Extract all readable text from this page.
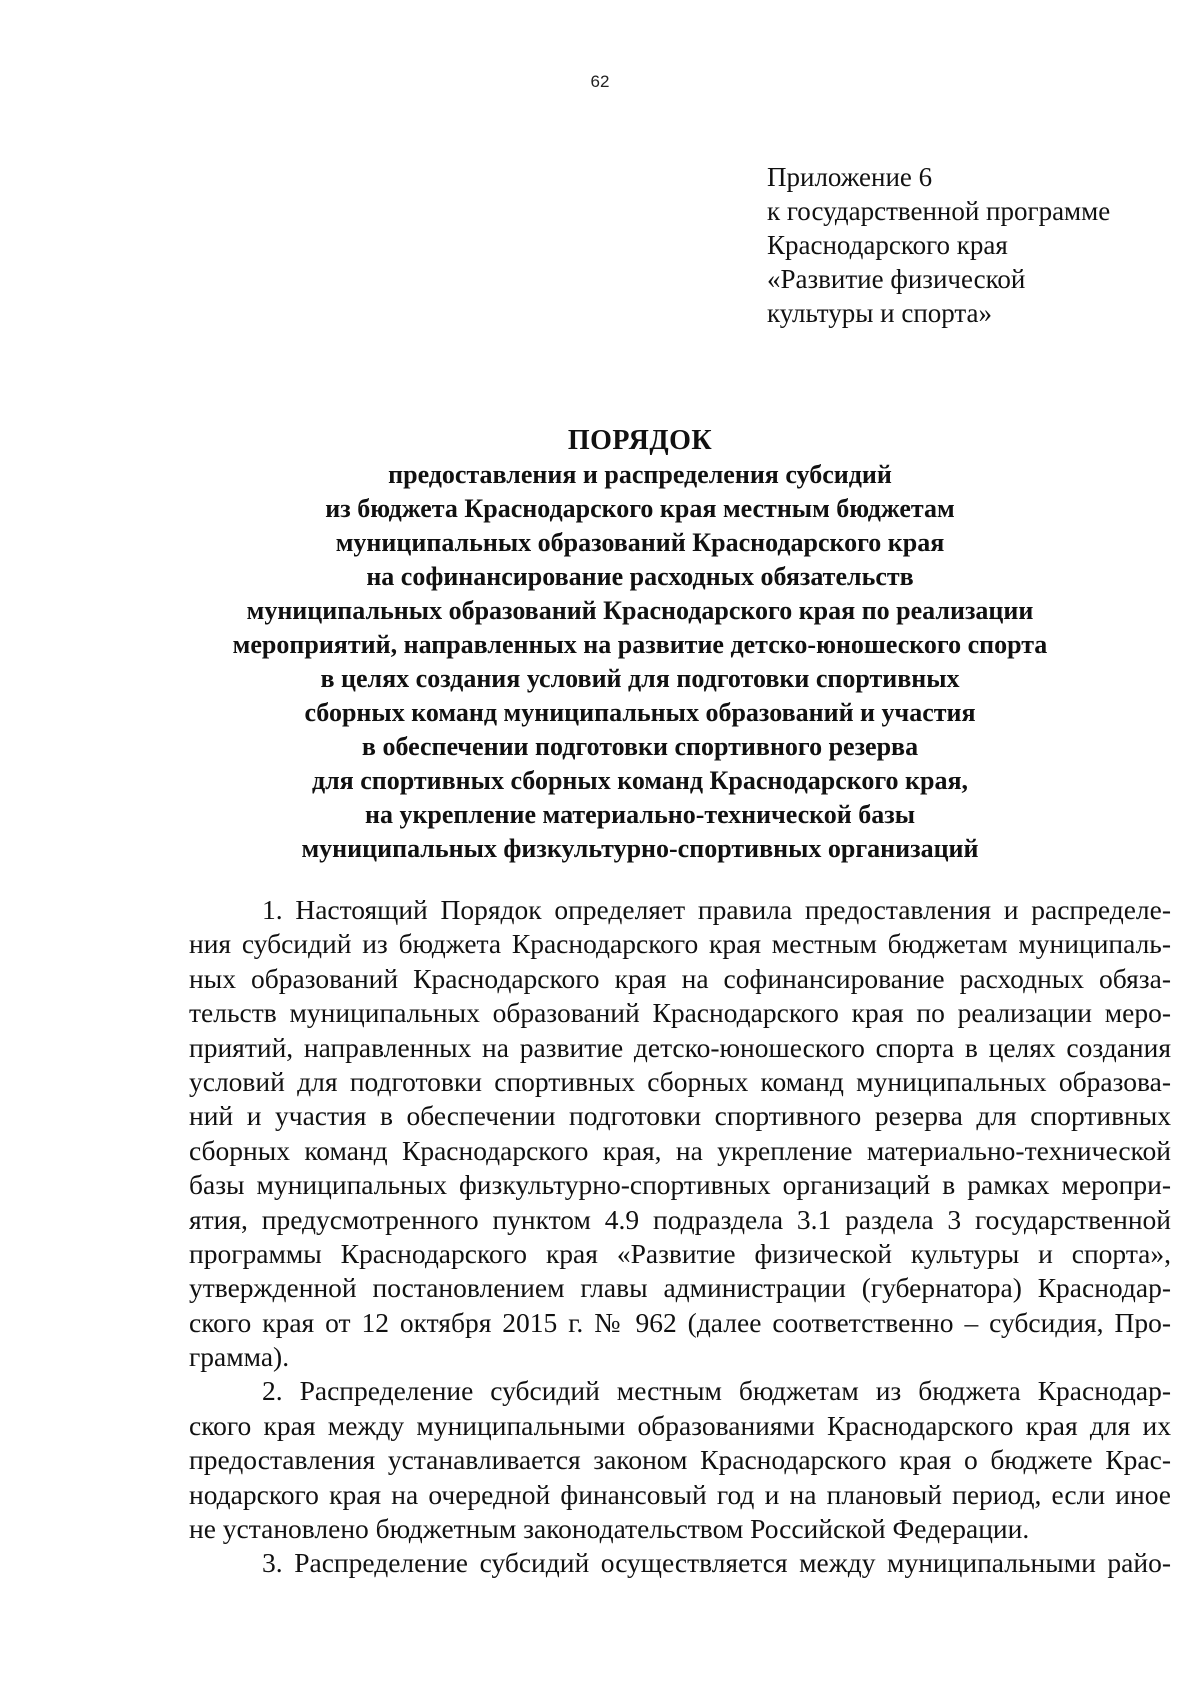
62
Приложение 6
к государственной программе
Краснодарского края
«Развитие физической
культуры и спорта»
ПОРЯДОК
предоставления и распределения субсидий
из бюджета Краснодарского края местным бюджетам
муниципальных образований Краснодарского края
на софинансирование расходных обязательств
муниципальных образований Краснодарского края по реализации
мероприятий, направленных на развитие детско-юношеского спорта
в целях создания условий для подготовки спортивных
сборных команд муниципальных образований и участия
в обеспечении подготовки спортивного резерва
для спортивных сборных команд Краснодарского края,
на укрепление материально-технической базы
муниципальных физкультурно-спортивных организаций
1. Настоящий Порядок определяет правила предоставления и распределе-
ния субсидий из бюджета Краснодарского края местным бюджетам муниципаль-
ных образований Краснодарского края на софинансирование расходных обяза-
тельств муниципальных образований Краснодарского края по реализации меро-
приятий, направленных на развитие детско-юношеского спорта в целях создания
условий для подготовки спортивных сборных команд муниципальных образова-
ний и участия в обеспечении подготовки спортивного резерва для спортивных
сборных команд Краснодарского края, на укрепление материально-технической
базы муниципальных физкультурно-спортивных организаций в рамках меропри-
ятия, предусмотренного пунктом 4.9 подраздела 3.1 раздела 3 государственной
программы Краснодарского края «Развитие физической культуры и спорта»,
утвержденной постановлением главы администрации (губернатора) Краснодар-
ского края от 12 октября 2015 г. № 962 (далее соответственно – субсидия, Про-
грамма).
2. Распределение субсидий местным бюджетам из бюджета Краснодар-
ского края между муниципальными образованиями Краснодарского края для их
предоставления устанавливается законом Краснодарского края о бюджете Крас-
нодарского края на очередной финансовый год и на плановый период, если иное
не установлено бюджетным законодательством Российской Федерации.
3. Распределение субсидий осуществляется между муниципальными райо-
